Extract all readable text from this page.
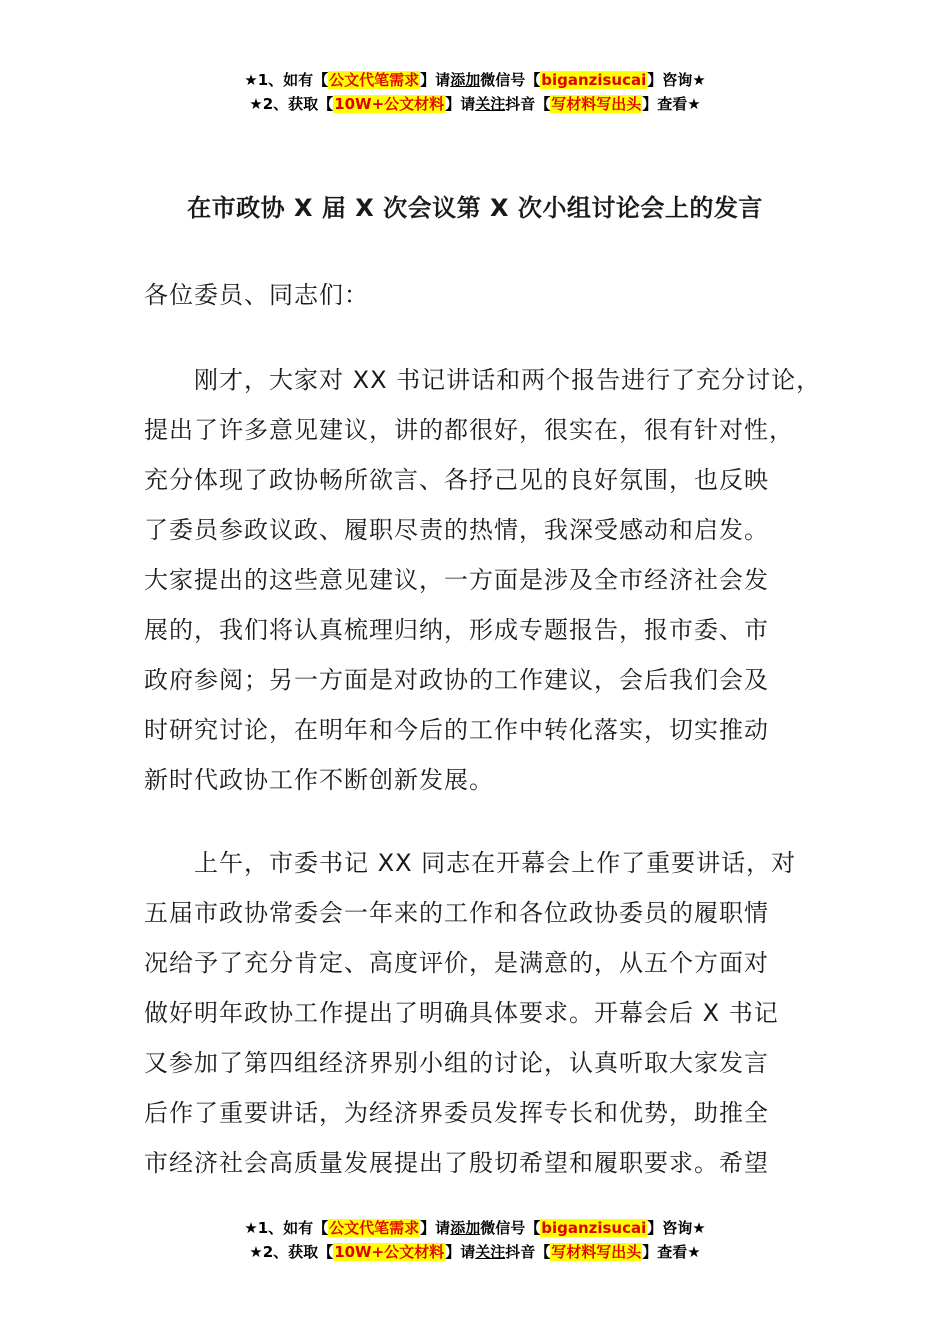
★1、如有【公文代笔需求】请添加微信号【biganzisucai】咨询★
★2、获取【10W+公文材料】请关注抖音【写材料写出头】查看★
在市政协 X 届 X 次会议第 X 次小组讨论会上的发言
各位委员、同志们：
刚才，大家对 XX 书记讲话和两个报告进行了充分讨论，
提出了许多意见建议，讲的都很好，很实在，很有针对性，
充分体现了政协畅所欲言、各抒己见的良好氛围，也反映
了委员参政议政、履职尽责的热情，我深受感动和启发。
大家提出的这些意见建议，一方面是涉及全市经济社会发
展的，我们将认真梳理归纳，形成专题报告，报市委、市
政府参阅；另一方面是对政协的工作建议，会后我们会及
时研究讨论，在明年和今后的工作中转化落实，切实推动
新时代政协工作不断创新发展。
上午，市委书记 XX 同志在开幕会上作了重要讲话，对
五届市政协常委会一年来的工作和各位政协委员的履职情
况给予了充分肯定、高度评价，是满意的，从五个方面对
做好明年政协工作提出了明确具体要求。开幕会后 X 书记
又参加了第四组经济界别小组的讨论，认真听取大家发言
后作了重要讲话，为经济界委员发挥专长和优势，助推全
市经济社会高质量发展提出了殷切希望和履职要求。希望
★1、如有【公文代笔需求】请添加微信号【biganzisucai】咨询★
★2、获取【10W+公文材料】请关注抖音【写材料写出头】查看★
